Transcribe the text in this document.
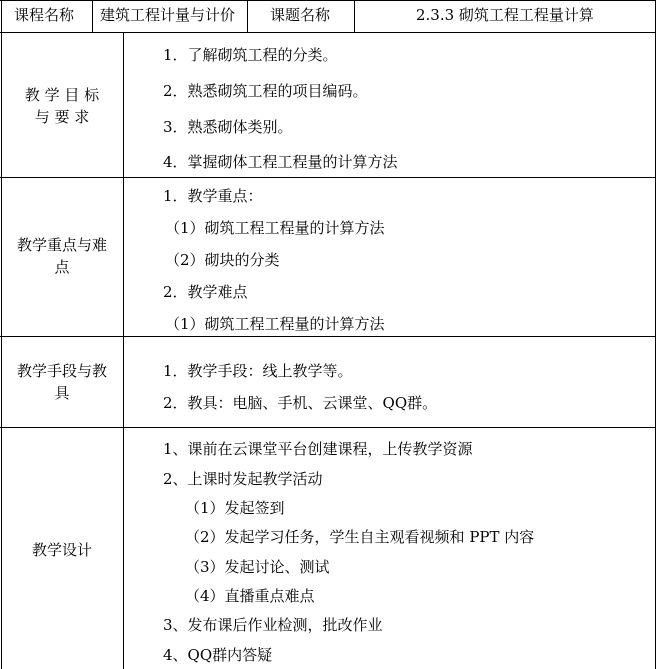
课程名称 建筑工程计量与计价 课题名称	2.3.3 砌筑工程工程量计算
教 学 目 标
与 要 求
1．了解砌筑工程的分类。
2．熟悉砌筑工程的项目编码。
3．熟悉砌体类别。
4．掌握砌体工程工程量的计算方法
教学重点与难
点
1．教学重点：
（1）砌筑工程工程量的计算方法
（2）砌块的分类
2．教学难点
（1）砌筑工程工程量的计算方法
教学手段与教
具
1．教学手段：线上教学等。
2．教具：电脑、手机、云课堂、QQ群。
教学设计
1、课前在云课堂平台创建课程，上传教学资源
2、上课时发起教学活动
（1）发起签到
（2）发起学习任务，学生自主观看视频和 PPT 内容
（3）发起讨论、测试
（4）直播重点难点
3、发布课后作业检测，批改作业
4、QQ群内答疑
